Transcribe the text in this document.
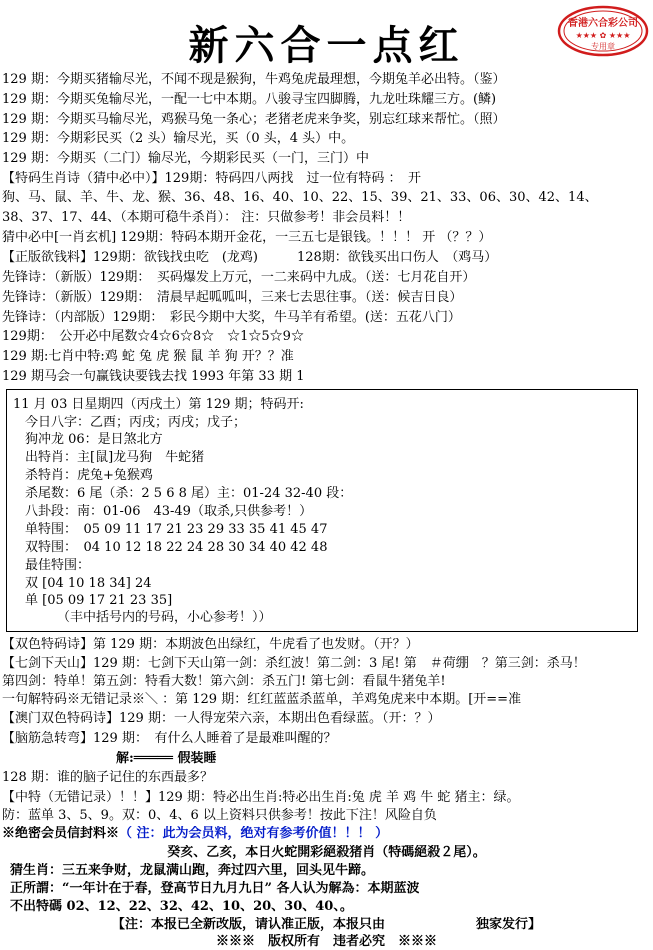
新六合一点红	香港六合彩公司
★★★ ✿ ★★★
专用章
129 期：今期买猪输尽光，不闻不现是猴狗，牛鸡兔虎最理想，今期兔羊必出特。（鉴）
129 期：今期买兔输尽光，一配一七中本期。八骏寻宝四脚腾，九龙吐珠耀三方。(鳞)
129 期：今期买马输尽光，鸡猴马兔一条心；老猪老虎来争奖，别忘红球来帮忙。（照）
129 期：今期彩民买（2 头）输尽光，买（0 头，4 头）中。
129 期：今期买（二门）输尽光，今期彩民买（一门，三门）中
【特码生肖诗（猜中必中）】129期：特码四八两找　过一位有特码 ：　开
狗、马、鼠、羊、牛、龙、猴、36、48、16、40、10、22、15、39、21、33、06、30、42、14、
38、37、17、44、（本期可稳牛杀肖）： 注：只做参考！非会员料！！
猜中必中[一肖玄机] 129期：特码本期开金花，一三五七是银钱。！！！ 开 （？？）
【正版欲钱料】129期：欲钱找虫吃　(龙鸡)　　　128期：欲钱买出口伤人　（鸡马）
先锋诗：（新版）129期：　买码爆发上万元，一二来码中九成。（送：七月花自开）
先锋诗：（新版）129期：　清晨早起呱呱叫，三来七去思往事。（送：候吉日良）
先锋诗：（内部版）129期：　彩民今期中大奖，牛马羊有希望。(送：五花八门）
129期：　公开必中尾数☆4☆6☆8☆　☆1☆5☆9☆
129 期:七肖中特:鸡 蛇 兔 虎 猴 鼠 羊 狗 开？？准
129 期马会一句赢钱诀要钱去找 1993 年第 33 期 1
11 月 03 日星期四（丙戌土）第 129 期；特码开:
今日八字：乙酉；丙戌；丙戌；戊子；
狗冲龙 06：是日煞北方
出特肖：主[鼠]龙马狗　牛蛇猪
杀特肖：虎兔+兔猴鸡
杀尾数：6 尾（杀：2 5 6 8 尾）主：01-24 32-40 段：
八卦段：南：01-06　43-49（取杀,只供参考！）
单特围：　05 09 11 17 21 23 29 33 35 41 45 47
双特围：　04 10 12 18 22 24 28 30 34 40 42 48
最佳特围：
双 [04 10 18 34] 24
单 [05 09 17 21 23 35]
（丰中括号内的号码，小心参考！））
【双色特码诗】第 129 期：本期波色出绿红，牛虎看了也发财。（开？）
【七剑下天山】129 期：七剑下天山第一剑：杀红波！第二剑：3 尾! 第　＃荷绷　？第三剑：杀马！
第四剑：特单！第五剑：特看大数！第六剑：杀五门! 第七剑：看鼠牛猪兔羊!
一句解特码※无错记录※＼ ：第 129 期：红红蓝蓝杀蓝单，羊鸡兔虎来中本期。[开==准
【澳门双色特码诗】129 期：一人得宠荣六亲，本期出色看绿蓝。（开：？）
【脑筋急转弯】129 期：　有什么人睡着了是最难叫醒的？
解:═════ 假装睡
128 期：谁的脑子记住的东西最多？
【中特（无错记录）！！】129 期：特必出生肖:特必出生肖:兔 虎 羊 鸡 牛 蛇 猪主：绿。
防：蓝单 3、5、9。双：0、4、6 以上资料只供参考！按此下注！风险自负
※绝密会员信封料※（ 注：此为会员料，绝对有参考价值！！！ ）
癸亥、乙亥，本日火蛇開彩絕殺猪肖（特碼絕殺２尾）。
猜生肖：三五来争财，龙鼠满山跑，奔过四六里，回头见牛蹄。
正所謂：“一年计在于春，登高节日九月九日” 各人认为解為：本期蓝波
不出特碼 02、12、22、32、42、10、20、30、40、。
【注：本报已全新改版，请认准正版，本报只由　　　　　　　独家发行】
※※※　版权所有　违者必究　※※※
